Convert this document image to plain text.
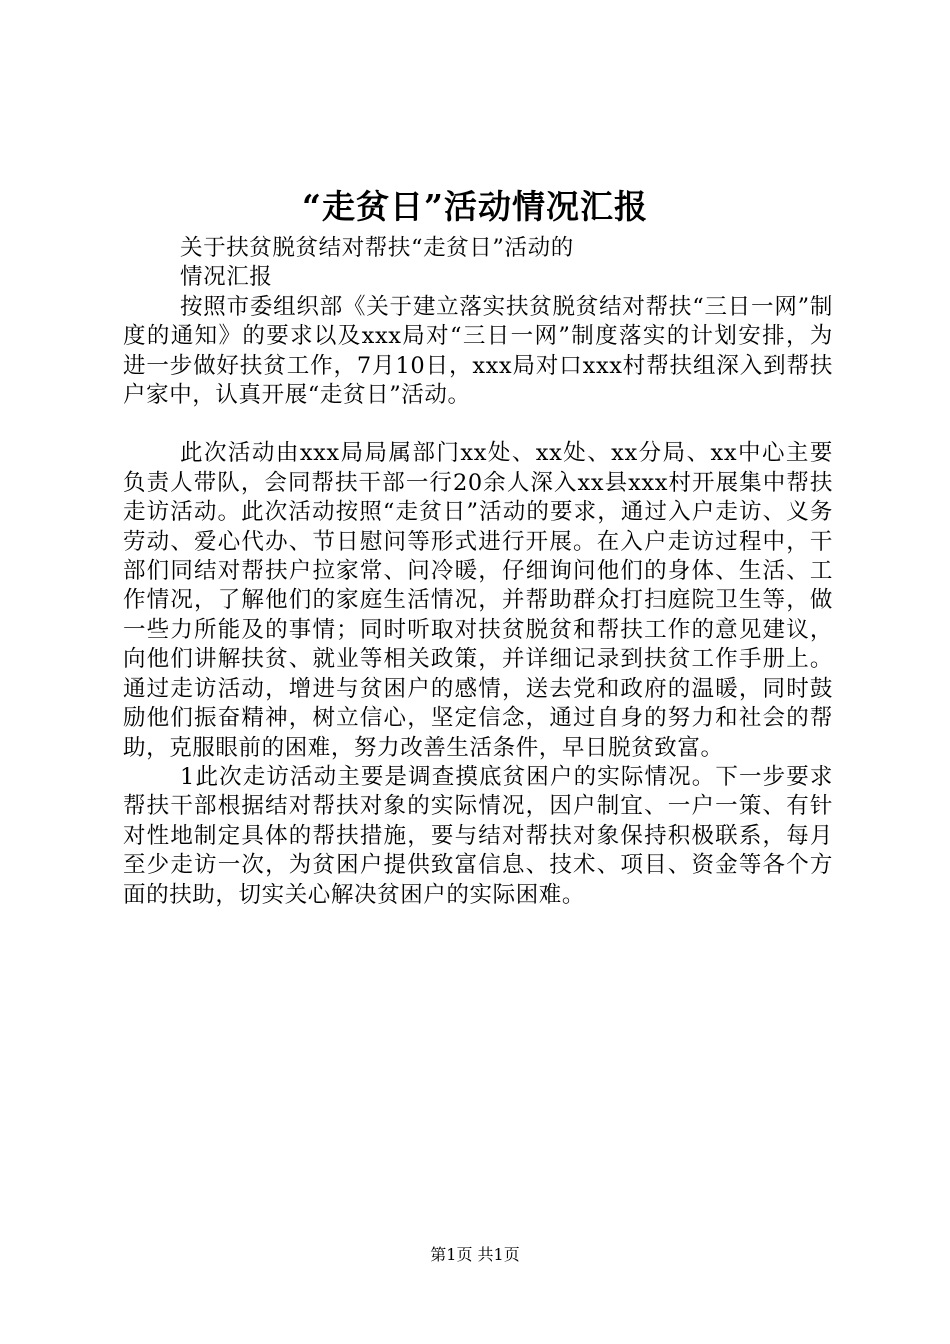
“走贫日”活动情况汇报

关于扶贫脱贫结对帮扶“走贫日”活动的

情况汇报

按照市委组织部《关于建立落实扶贫脱贫结对帮扶“三日一网”制度的通知》的要求以及xxx局对“三日一网”制度落实的计划安排，为进一步做好扶贫工作，7月10日，xxx局对口xxx村帮扶组深入到帮扶户家中，认真开展“走贫日”活动。

此次活动由xxx局局属部门xx处、xx处、xx分局、xx中心主要负责人带队，会同帮扶干部一行20余人深入xx县xxx村开展集中帮扶走访活动。此次活动按照“走贫日”活动的要求，通过入户走访、义务劳动、爱心代办、节日慰问等形式进行开展。在入户走访过程中，干部们同结对帮扶户拉家常、问冷暖，仔细询问他们的身体、生活、工作情况，了解他们的家庭生活情况，并帮助群众打扫庭院卫生等，做一些力所能及的事情；同时听取对扶贫脱贫和帮扶工作的意见建议，向他们讲解扶贫、就业等相关政策，并详细记录到扶贫工作手册上。通过走访活动，增进与贫困户的感情，送去党和政府的温暖，同时鼓励他们振奋精神，树立信心，坚定信念，通过自身的努力和社会的帮助，克服眼前的困难，努力改善生活条件，早日脱贫致富。

1此次走访活动主要是调查摸底贫困户的实际情况。下一步要求帮扶干部根据结对帮扶对象的实际情况，因户制宜、一户一策、有针对性地制定具体的帮扶措施，要与结对帮扶对象保持积极联系，每月至少走访一次，为贫困户提供致富信息、技术、项目、资金等各个方面的扶助，切实关心解决贫困户的实际困难。

第1页 共1页
